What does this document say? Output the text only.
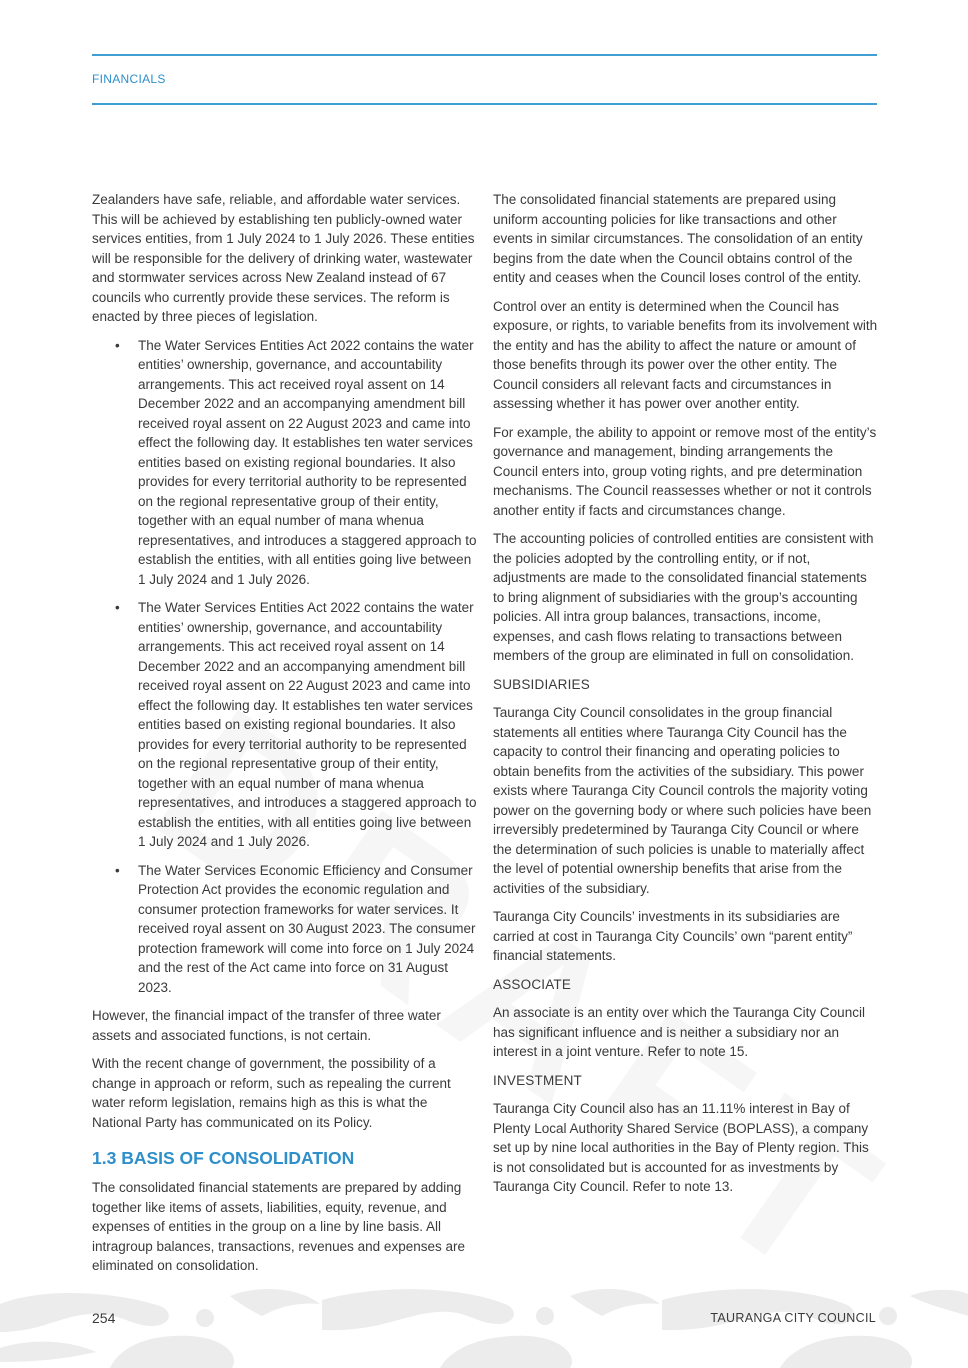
FINANCIALS

Zealanders have safe, reliable, and affordable water services. This will be achieved by establishing ten publicly-owned water services entities, from 1 July 2024 to 1 July 2026. These entities will be responsible for the delivery of drinking water, wastewater and stormwater services across New Zealand instead of 67 councils who currently provide these services. The reform is enacted by three pieces of legislation.

• The Water Services Entities Act 2022 contains the water entities’ ownership, governance, and accountability arrangements. This act received royal assent on 14 December 2022 and an accompanying amendment bill received royal assent on 22 August 2023 and came into effect the following day. It establishes ten water services entities based on existing regional boundaries. It also provides for every territorial authority to be represented on the regional representative group of their entity, together with an equal number of mana whenua representatives, and introduces a staggered approach to establish the entities, with all entities going live between 1 July 2024 and 1 July 2026.
• The Water Services Entities Act 2022 contains the water entities’ ownership, governance, and accountability arrangements. This act received royal assent on 14 December 2022 and an accompanying amendment bill received royal assent on 22 August 2023 and came into effect the following day. It establishes ten water services entities based on existing regional boundaries. It also provides for every territorial authority to be represented on the regional representative group of their entity, together with an equal number of mana whenua representatives, and introduces a staggered approach to establish the entities, with all entities going live between 1 July 2024 and 1 July 2026.
• The Water Services Economic Efficiency and Consumer Protection Act provides the economic regulation and consumer protection frameworks for water services. It received royal assent on 30 August 2023. The consumer protection framework will come into force on 1 July 2024 and the rest of the Act came into force on 31 August 2023.

However, the financial impact of the transfer of three water assets and associated functions, is not certain.

With the recent change of government, the possibility of a change in approach or reform, such as repealing the current water reform legislation, remains high as this is what the National Party has communicated on its Policy.

1.3 BASIS OF CONSOLIDATION

The consolidated financial statements are prepared by adding together like items of assets, liabilities, equity, revenue, and expenses of entities in the group on a line by line basis. All intragroup balances, transactions, revenues and expenses are eliminated on consolidation.

The consolidated financial statements are prepared using uniform accounting policies for like transactions and other events in similar circumstances. The consolidation of an entity begins from the date when the Council obtains control of the entity and ceases when the Council loses control of the entity.

Control over an entity is determined when the Council has exposure, or rights, to variable benefits from its involvement with the entity and has the ability to affect the nature or amount of those benefits through its power over the other entity. The Council considers all relevant facts and circumstances in assessing whether it has power over another entity.

For example, the ability to appoint or remove most of the entity’s governance and management, binding arrangements the Council enters into, group voting rights, and pre determination mechanisms. The Council reassesses whether or not it controls another entity if facts and circumstances change.

The accounting policies of controlled entities are consistent with the policies adopted by the controlling entity, or if not, adjustments are made to the consolidated financial statements to bring alignment of subsidiaries with the group’s accounting policies. All intra group balances, transactions, income, expenses, and cash flows relating to transactions between members of the group are eliminated in full on consolidation.

SUBSIDIARIES

Tauranga City Council consolidates in the group financial statements all entities where Tauranga City Council has the capacity to control their financing and operating policies to obtain benefits from the activities of the subsidiary. This power exists where Tauranga City Council controls the majority voting power on the governing body or where such policies have been irreversibly predetermined by Tauranga City Council or where the determination of such policies is unable to materially affect the level of potential ownership benefits that arise from the activities of the subsidiary.

Tauranga City Councils’ investments in its subsidiaries are carried at cost in Tauranga City Councils’ own “parent entity” financial statements.

ASSOCIATE

An associate is an entity over which the Tauranga City Council has significant influence and is neither a subsidiary nor an interest in a joint venture. Refer to note 15.

INVESTMENT

Tauranga City Council also has an 11.11% interest in Bay of Plenty Local Authority Shared Service (BOPLASS), a company set up by nine local authorities in the Bay of Plenty region. This is not consolidated but is accounted for as investments by Tauranga City Council. Refer to note 13.

254	TAURANGA CITY COUNCIL
